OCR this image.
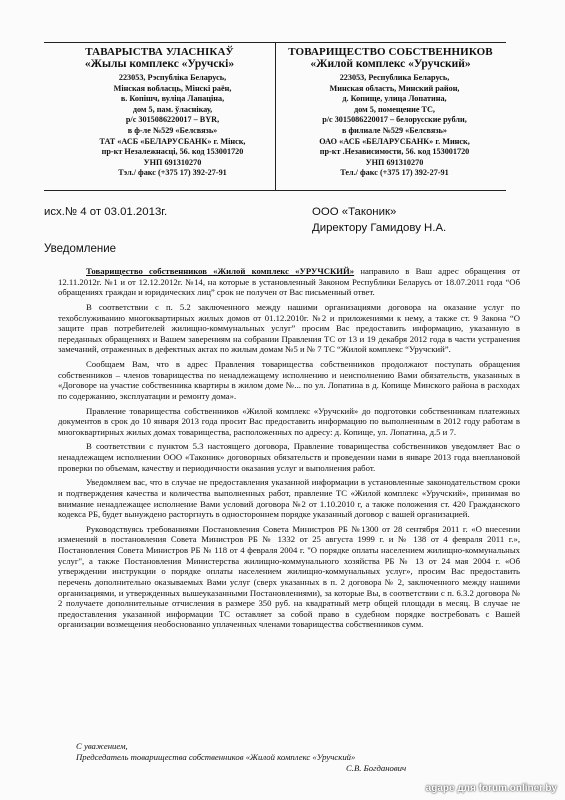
ТАВАРЫСТВА УЛАСНІКАЎ
«Жылы комплекс «Уручскі»
223053, Рэспубліка Беларусь,
Мінская вобласць, Мінскі раён,
в. Копішч, вуліца Лапаціна,
дом 5, пам. ўласнікау,
р/с 3015086220017 – BYR,
в ф-ле №529 «Белсвязь»
ТАТ «АСБ «БЕЛАРУСБАНК» г. Мінск,
пр-кт Незалежнасці, 56. код 153001720
УНП 691310270
Тэл./ факс (+375 17) 392-27-91
ТОВАРИЩЕСТВО СОБСТВЕННИКОВ
«Жилой комплекс «Уручский»
223053, Республика Беларусь,
Минская область, Минский район,
д. Копище, улица Лопатина,
дом 5, помещение ТС,
р/с 3015086220017 – белорусские рубли,
в филиале №529 «Белсвязь»
ОАО «АСБ «БЕЛАРУСБАНК» г. Минск,
пр-кт .Независимости, 56. код 153001720
УНП 691310270
Тел./ факс (+375 17) 392-27-91
исх.№ 4 от 03.01.2013г.	ООО «Таконик»
Директору Гамидову Н.А.
Уведомление

Товарищество собственников «Жилой комплекс «УРУЧСКИЙ» направило в Ваш адрес обращения от 12.11.2012г. №1 и от 12.12.2012г. №14, на которые в установленный Законом Республики Беларусь от 18.07.2011 года “Об обращениях граждан и юридических лиц” срок не получен от Вас письменный ответ.

В соответствии с п. 5.2 заключенного между нашими организациями договора на оказание услуг по техобслуживанию многоквартирных жилых домов от 01.12.2010г. №2 и приложениями к нему, а также ст. 9 Закона “О защите прав потребителей жилищно-коммунальных услуг” просим Вас предоставить информацию, указанную в переданных обращениях и Вашем заверениям на собрании Правления ТС от 13 и 19 декабря 2012 года в части устранения замечаний, отраженных в дефектных актах по жилым домам №5 и № 7 ТС “Жилой комплекс “Уручский”.

Сообщаем Вам, что в адрес Правления товарищества собственников продолжают поступать обращения собственников – членов товарищества по ненадлежащему исполнению и неисполнению Вами обязательств, указанных в «Договоре на участие собственника квартиры в жилом доме №... по ул. Лопатина в д. Копище Минского района в расходах по содержанию, эксплуатации и ремонту дома».

Правление товарищества собственников «Жилой комплекс «Уручский» до подготовки собственникам платежных документов в срок до 10 января 2013 года просит Вас предоставить информацию по выполненным в 2012 году работам в многоквартирных жилых домах товарищества, расположенных по адресу: д. Копище, ул. Лопатина, д.5 и 7.

В соответствии с пунктом 5.3 настоящего договора, Правление товарищества собственников уведомляет Вас о ненадлежащем исполнении ООО «Таконик» договорных обязательств и проведении нами в январе 2013 года внеплановой проверки по объемам, качеству и периодичности оказания услуг и выполнения работ.

Уведомляем вас, что в случае не предоставления указанной информации в установленные законодательством сроки и подтверждения качества и количества выполненных работ, правление ТС «Жилой комплекс «Уручский», принимая во внимание ненадлежащее исполнение Вами условий договора №2 от 1.10.2010 г, а также положения ст. 420 Гражданского кодекса РБ, будет вынуждено расторгнуть в одностороннем порядке указанный договор с вашей организацией.

Руководствуясь требованиями Постановления Совета Министров РБ №1300 от 28 сентября 2011 г. «О внесении изменений в постановления Совета Министров РБ № 1332 от 25 августа 1999 г. и № 138 от 4 февраля 2011 г.», Постановления Совета Министров РБ № 118 от 4 февраля 2004 г. "О порядке оплаты населением жилищно-коммунальных услуг", а также Постановления Министерства жилищно-коммунального хозяйства РБ № 13 от 24 мая 2004 г. «Об утверждении инструкции о порядке оплаты населением жилищно-коммунальных услуг», просим Вас предоставить перечень дополнительно оказываемых Вами услуг (сверх указанных в п. 2 договора № 2, заключенного между нашими организациями, и утвержденных вышеуказанными Постановлениями), за которые Вы, в соответствии с п. 6.3.2 договора № 2 получаете дополнительные отчисления в размере 350 руб. на квадратный метр общей площади в месяц. В случае не предоставления указанной информации ТС оставляет за собой право в судебном порядке востребовать с Вашей организации возмещения необоснованно уплаченных членами товарищества собственников сумм.

С уважением,
Председатель товарищества собственников «Жилой комплекс «Уручский»
С.В. Богданович
agape для forum.onliner.by
